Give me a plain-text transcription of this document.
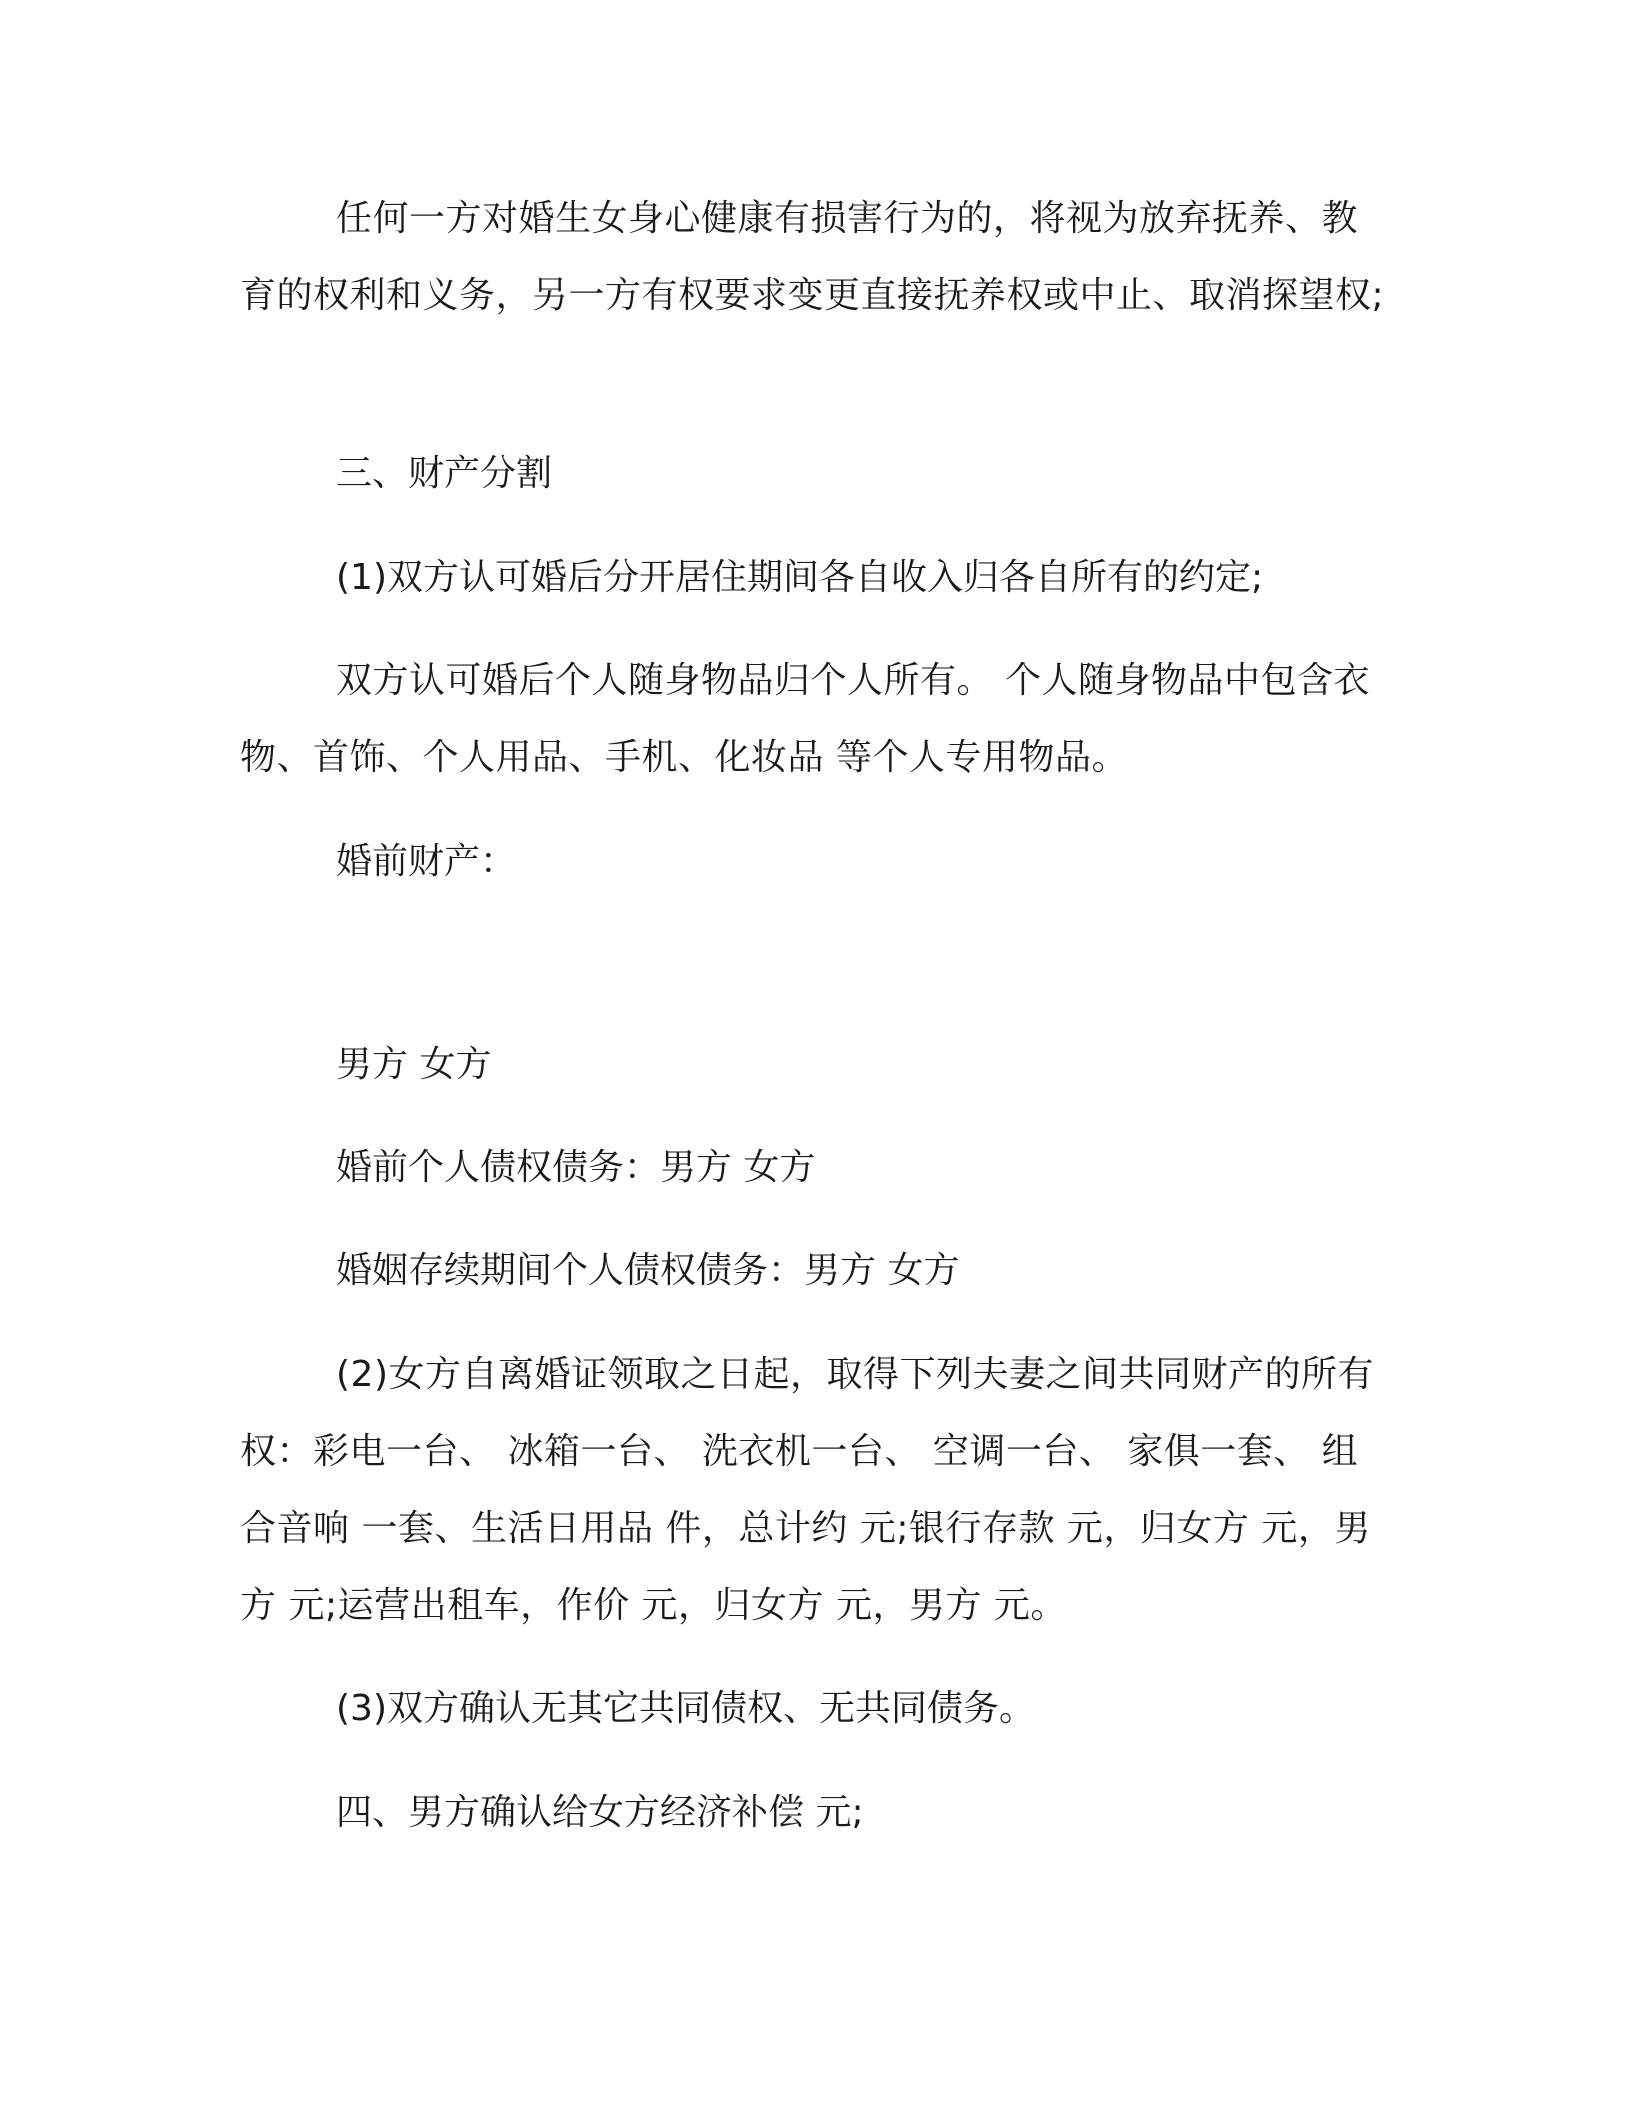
任何一方对婚生女身心健康有损害行为的，将视为放弃抚养、教育的权利和义务，另一方有权要求变更直接抚养权或中止、取消探望权;

三、财产分割

(1)双方认可婚后分开居住期间各自收入归各自所有的约定;

双方认可婚后个人随身物品归个人所有。 个人随身物品中包含衣物、首饰、个人用品、手机、化妆品 等个人专用物品。

婚前财产：

男方 女方

婚前个人债权债务：男方 女方

婚姻存续期间个人债权债务：男方 女方

(2)女方自离婚证领取之日起，取得下列夫妻之间共同财产的所有权：彩电一台、 冰箱一台、 洗衣机一台、 空调一台、 家俱一套、 组合音响 一套、生活日用品 件，总计约 元;银行存款 元，归女方 元，男方 元;运营出租车，作价 元，归女方 元，男方 元。

(3)双方确认无其它共同债权、无共同债务。

四、男方确认给女方经济补偿 元;
